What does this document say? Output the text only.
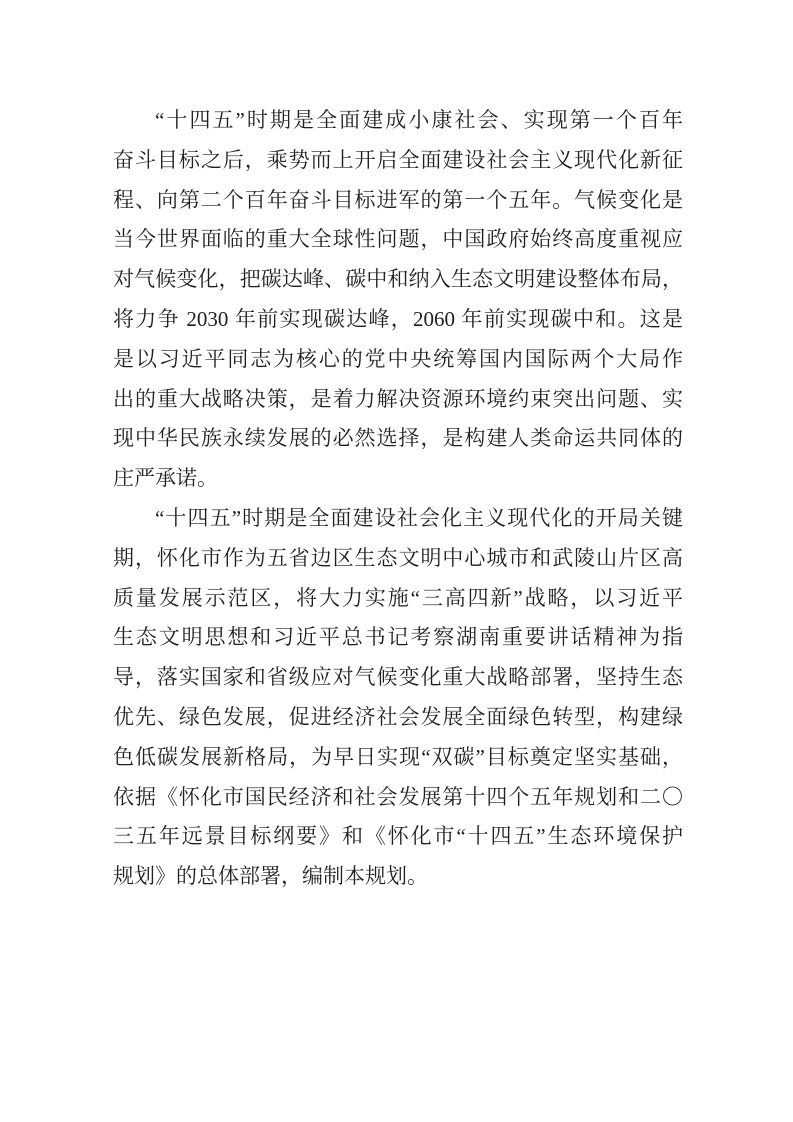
“十四五”时期是全面建成小康社会、实现第一个百年
奋斗目标之后，乘势而上开启全面建设社会主义现代化新征
程、向第二个百年奋斗目标进军的第一个五年。气候变化是
当今世界面临的重大全球性问题，中国政府始终高度重视应
对气候变化，把碳达峰、碳中和纳入生态文明建设整体布局，
将力争 2030 年前实现碳达峰，2060 年前实现碳中和。这是
是以习近平同志为核心的党中央统筹国内国际两个大局作
出的重大战略决策，是着力解决资源环境约束突出问题、实
现中华民族永续发展的必然选择，是构建人类命运共同体的
庄严承诺。
“十四五”时期是全面建设社会化主义现代化的开局关键
期，怀化市作为五省边区生态文明中心城市和武陵山片区高
质量发展示范区，将大力实施“三高四新”战略，以习近平
生态文明思想和习近平总书记考察湖南重要讲话精神为指
导，落实国家和省级应对气候变化重大战略部署，坚持生态
优先、绿色发展，促进经济社会发展全面绿色转型，构建绿
色低碳发展新格局，为早日实现“双碳”目标奠定坚实基础，
依据《怀化市国民经济和社会发展第十四个五年规划和二〇
三五年远景目标纲要》和《怀化市“十四五”生态环境保护
规划》的总体部署，编制本规划。
